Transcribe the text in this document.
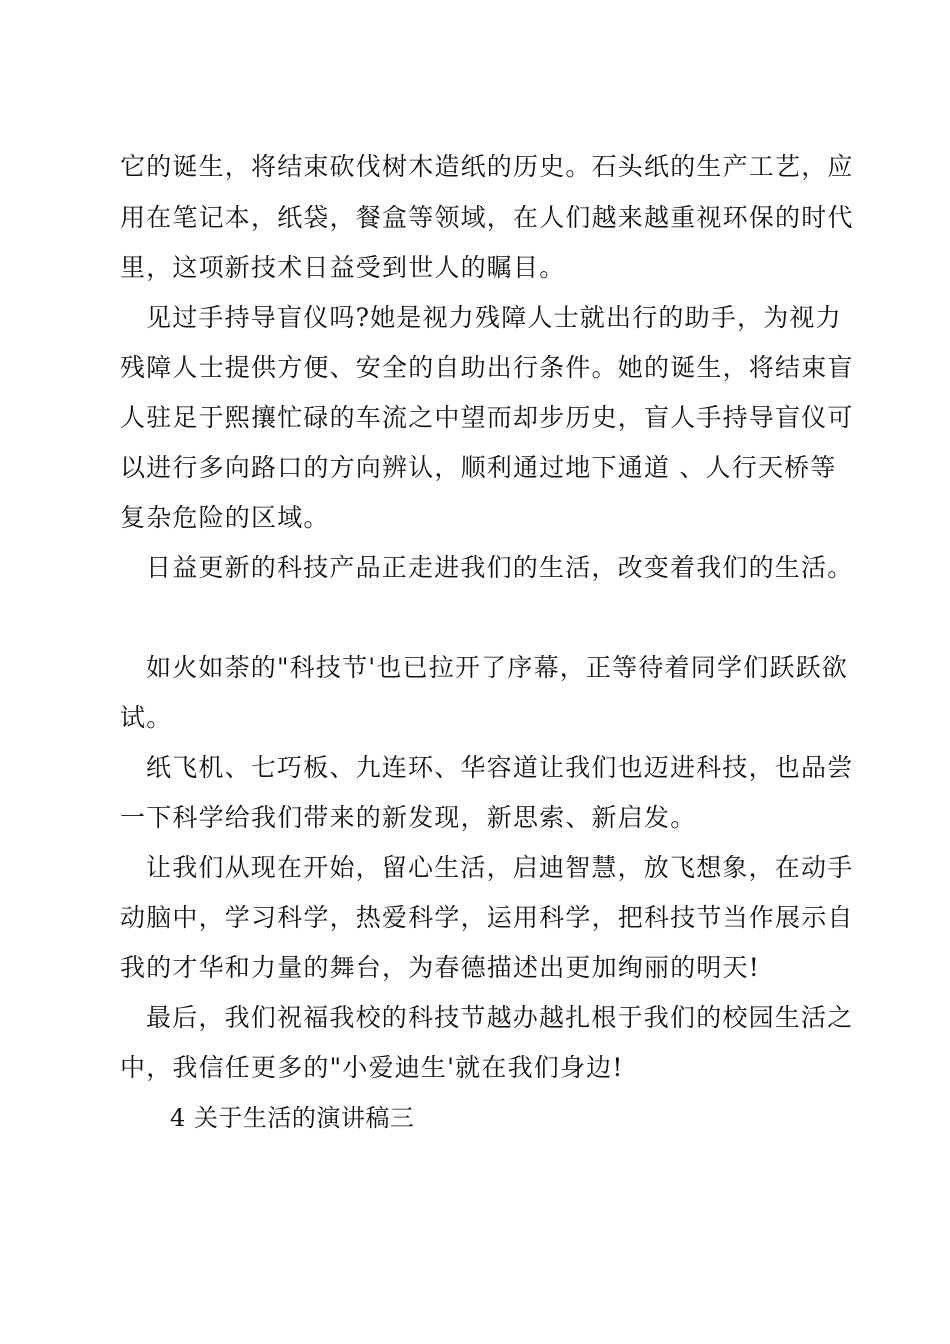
它的诞生，将结束砍伐树木造纸的历史。石头纸的生产工艺，应
用在笔记本，纸袋，餐盒等领域，在人们越来越重视环保的时代
里，这项新技术日益受到世人的瞩目。
见过手持导盲仪吗?她是视力残障人士就出行的助手，为视力
残障人士提供方便、安全的自助出行条件。她的诞生，将结束盲
人驻足于熙攘忙碌的车流之中望而却步历史，盲人手持导盲仪可
以进行多向路口的方向辨认，顺利通过地下通道 、人行天桥等
复杂危险的区域。
日益更新的科技产品正走进我们的生活，改变着我们的生活。
如火如荼的"科技节'也已拉开了序幕，正等待着同学们跃跃欲
试。
纸飞机、七巧板、九连环、华容道让我们也迈进科技，也品尝
一下科学给我们带来的新发现，新思索、新启发。
让我们从现在开始，留心生活，启迪智慧，放飞想象，在动手
动脑中，学习科学，热爱科学，运用科学，把科技节当作展示自
我的才华和力量的舞台，为春德描述出更加绚丽的明天!
最后，我们祝福我校的科技节越办越扎根于我们的校园生活之
中，我信任更多的"小爱迪生'就在我们身边!
4 关于生活的演讲稿三
